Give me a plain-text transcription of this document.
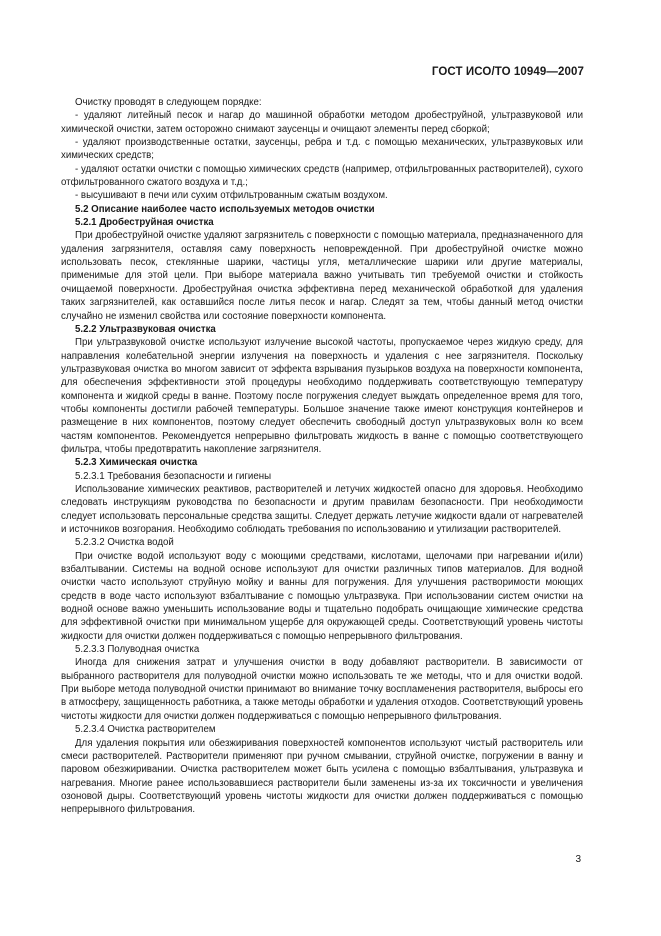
ГОСТ ИСО/ТО 10949—2007

Очистку проводят в следующем порядке:

- удаляют литейный песок и нагар до машинной обработки методом дробеструйной, ультразвуковой или химической очистки, затем осторожно снимают заусенцы и очищают элементы перед сборкой;

- удаляют производственные остатки, заусенцы, ребра и т.д. с помощью механических, ультразвуковых или химических средств;

- удаляют остатки очистки с помощью химических средств (например, отфильтрованных растворителей), сухого отфильтрованного сжатого воздуха и т.д.;

- высушивают в печи или сухим отфильтрованным сжатым воздухом.

5.2 Описание наиболее часто используемых методов очистки

5.2.1 Дробеструйная очистка

При дробеструйной очистке удаляют загрязнитель с поверхности с помощью материала, предназначенного для удаления загрязнителя, оставляя саму поверхность неповрежденной. При дробеструйной очистке можно использовать песок, стеклянные шарики, частицы угля, металлические шарики или другие материалы, применимые для этой цели. При выборе материала важно учитывать тип требуемой очистки и стойкость очищаемой поверхности. Дробеструйная очистка эффективна перед механической обработкой для удаления таких загрязнителей, как оставшийся после литья песок и нагар. Следят за тем, чтобы данный метод очистки случайно не изменил свойства или состояние поверхности компонента.

5.2.2 Ультразвуковая очистка

При ультразвуковой очистке используют излучение высокой частоты, пропускаемое через жидкую среду, для направления колебательной энергии излучения на поверхность и удаления с нее загрязнителя. Поскольку ультразвуковая очистка во многом зависит от эффекта взрывания пузырьков воздуха на поверхности компонента, для обеспечения эффективности этой процедуры необходимо поддерживать соответствующую температуру компонента и жидкой среды в ванне. Поэтому после погружения следует выждать определенное время для того, чтобы компоненты достигли рабочей температуры. Большое значение также имеют конструкция контейнеров и размещение в них компонентов, поэтому следует обеспечить свободный доступ ультразвуковых волн ко всем частям компонентов. Рекомендуется непрерывно фильтровать жидкость в ванне с помощью соответствующего фильтра, чтобы предотвратить накопление загрязнителя.

5.2.3 Химическая очистка

5.2.3.1 Требования безопасности и гигиены

Использование химических реактивов, растворителей и летучих жидкостей опасно для здоровья. Необходимо следовать инструкциям руководства по безопасности и другим правилам безопасности. При необходимости следует использовать персональные средства защиты. Следует держать летучие жидкости вдали от нагревателей и источников возгорания. Необходимо соблюдать требования по использованию и утилизации растворителей.

5.2.3.2 Очистка водой

При очистке водой используют воду с моющими средствами, кислотами, щелочами при нагревании и(или) взбалтывании. Системы на водной основе используют для очистки различных типов материалов. Для водной очистки часто используют струйную мойку и ванны для погружения. Для улучшения растворимости моющих средств в воде часто используют взбалтывание с помощью ультразвука. При использовании систем очистки на водной основе важно уменьшить использование воды и тщательно подобрать очищающие химические средства для эффективной очистки при минимальном ущербе для окружающей среды. Соответствующий уровень чистоты жидкости для очистки должен поддерживаться с помощью непрерывного фильтрования.

5.2.3.3 Полуводная очистка

Иногда для снижения затрат и улучшения очистки в воду добавляют растворители. В зависимости от выбранного растворителя для полуводной очистки можно использовать те же методы, что и для очистки водой. При выборе метода полуводной очистки принимают во внимание точку воспламенения растворителя, выбросы его в атмосферу, защищенность работника, а также методы обработки и удаления отходов. Соответствующий уровень чистоты жидкости для очистки должен поддерживаться с помощью непрерывного фильтрования.

5.2.3.4 Очистка растворителем

Для удаления покрытия или обезжиривания поверхностей компонентов используют чистый растворитель или смеси растворителей. Растворители применяют при ручном смывании, струйной очистке, погружении в ванну и паровом обезжиривании. Очистка растворителем может быть усилена с помощью взбалтывания, ультразвука и нагревания. Многие ранее использовавшиеся растворители были заменены из-за их токсичности и увеличения озоновой дыры. Соответствующий уровень чистоты жидкости для очистки должен поддерживаться с помощью непрерывного фильтрования.

3
